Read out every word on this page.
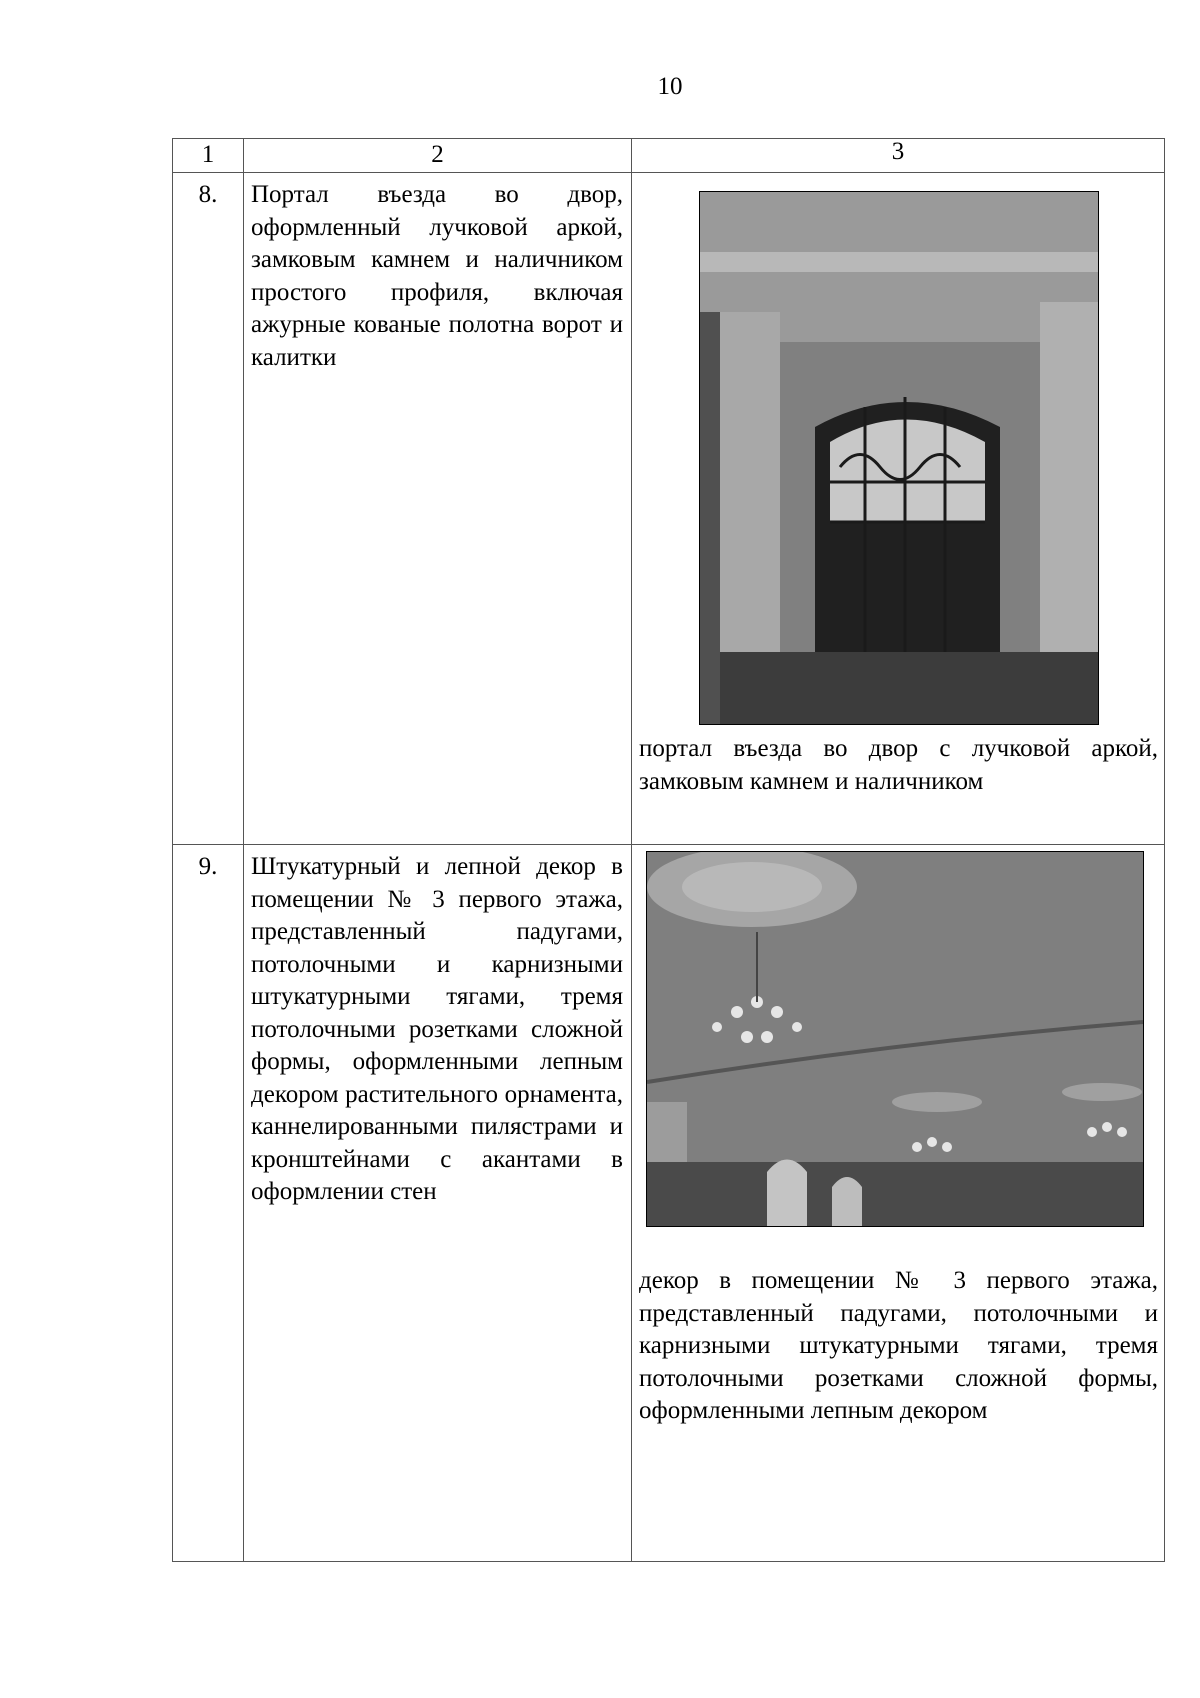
10
1	2	3

8.	Портал въезда во двор, оформленный лучковой аркой, замковым камнем и наличником простого профиля, включая ажурные кованые полотна ворот и калитки	портал въезда во двор с лучковой аркой, замковым камнем и наличником

9.	Штукатурный и лепной декор в помещении № 3 первого этажа, представленный падугами, потолочными и карнизными штукатурными тягами, тремя потолочными розетками сложной формы, оформленными лепным декором растительного орнамента, каннелированными пилястрами и кронштейнами с акантами в оформлении стен	декор в помещении № 3 первого этажа, представленный падугами, потолочными и карнизными штукатурными тягами, тремя потолочными розетками сложной формы, оформленными лепным декором
